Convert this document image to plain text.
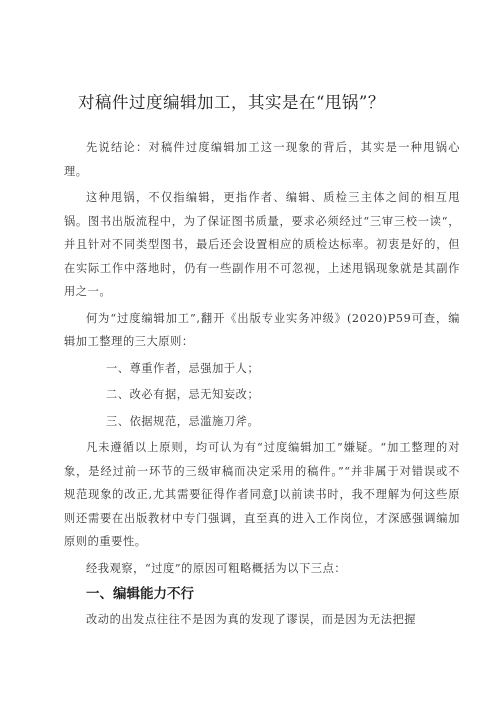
对稿件过度编辑加工，其实是在“甩锅”？
先说结论：对稿件过度编辑加工这一现象的背后，其实是一种甩锅心理。
这种甩锅，不仅指编辑，更指作者、编辑、质检三主体之间的相互甩锅。图书出版流程中，为了保证图书质量，要求必须经过“三审三校一读“，并且针对不同类型图书，最后还会设置相应的质检达标率。初衷是好的，但在实际工作中落地时，仍有一些副作用不可忽视，上述甩锅现象就是其副作用之一。
何为“过度编辑加工”,翻开《出版专业实务冲级》(2020)P59可查，编辑加工整理的三大原则：
一、尊重作者，忌强加于人；
二、改必有据，忌无知妄改；
三、依据规范，忌滥施刀斧。
凡未遵循以上原则，均可认为有“过度编辑加工”嫌疑。“加工整理的对象，是经过前一环节的三级审稿而决定采用的稿件。”“并非属于对错误或不规范现象的改正,尤其需要征得作者同意J以前读书时，我不理解为何这些原则还需要在出版教材中专门强调，直至真的进入工作岗位，才深感强调编加原则的重要性。
经我观察，“过度”的原因可粗略概括为以下三点：
一、编辑能力不行
改动的出发点往往不是因为真的发现了谬误，而是因为无法把握
